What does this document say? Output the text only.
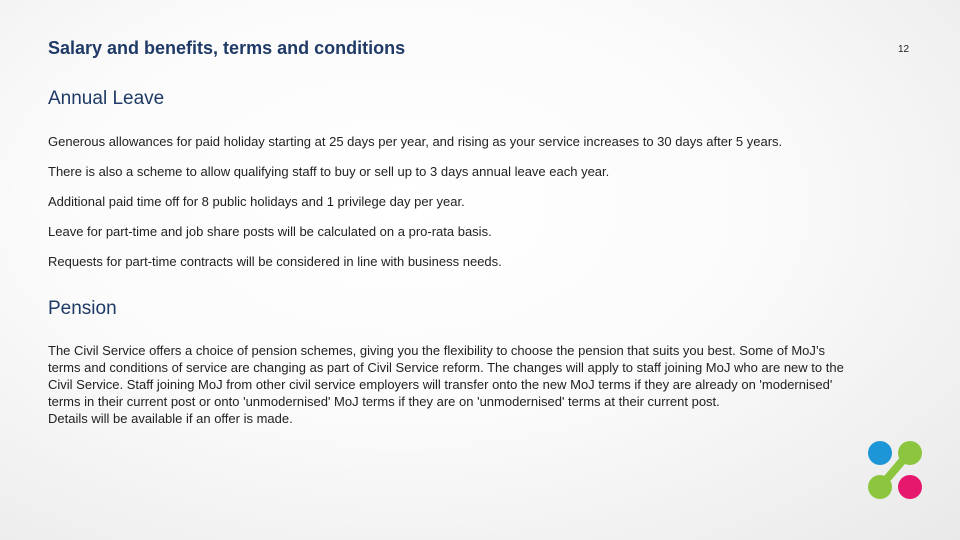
Salary and benefits, terms and conditions	12
Annual Leave

Generous allowances for paid holiday starting at 25 days per year, and rising as your service increases to 30 days after 5 years.

There is also a scheme to allow qualifying staff to buy or sell up to 3 days annual leave each year.

Additional paid time off for 8 public holidays and 1 privilege day per year.

Leave for part-time and job share posts will be calculated on a pro-rata basis.

Requests for part-time contracts will be considered in line with business needs.

Pension
The Civil Service offers a choice of pension schemes, giving you the flexibility to choose the pension that suits you best. Some of MoJ’s
terms and conditions of service are changing as part of Civil Service reform. The changes will apply to staff joining MoJ who are new to the
Civil Service. Staff joining MoJ from other civil service employers will transfer onto the new MoJ terms if they are already on 'modernised'
terms in their current post or onto 'unmodernised' MoJ terms if they are on 'unmodernised' terms at their current post.
Details will be available if an offer is made.
